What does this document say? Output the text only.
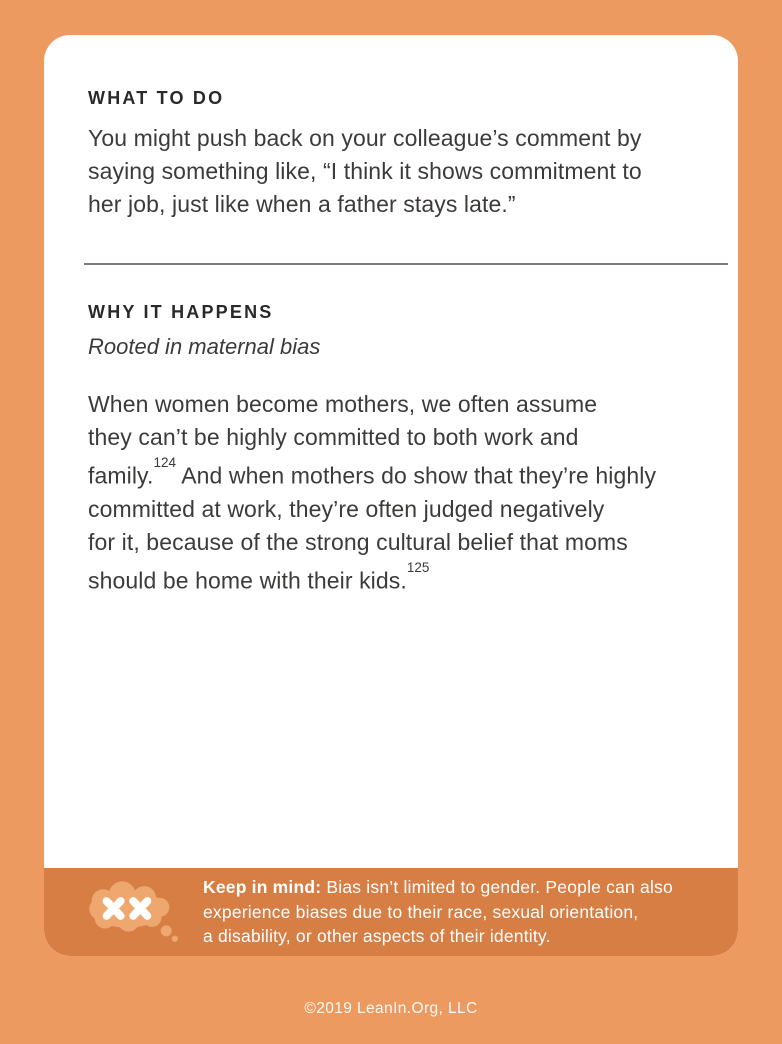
WHAT TO DO
You might push back on your colleague’s comment by
saying something like, “I think it shows commitment to
her job, just like when a father stays late.”
WHY IT HAPPENS

Rooted in maternal bias

When women become mothers, we often assume
they can’t be highly committed to both work and
family.$^{124}$ And when mothers do show that they’re highly
committed at work, they’re often judged negatively
for it, because of the strong cultural belief that moms
should be home with their kids.$^{125}$
Keep in mind: Bias isn’t limited to gender. People can also
experience biases due to their race, sexual orientation,
a disability, or other aspects of their identity.
©2019 LeanIn.Org, LLC
